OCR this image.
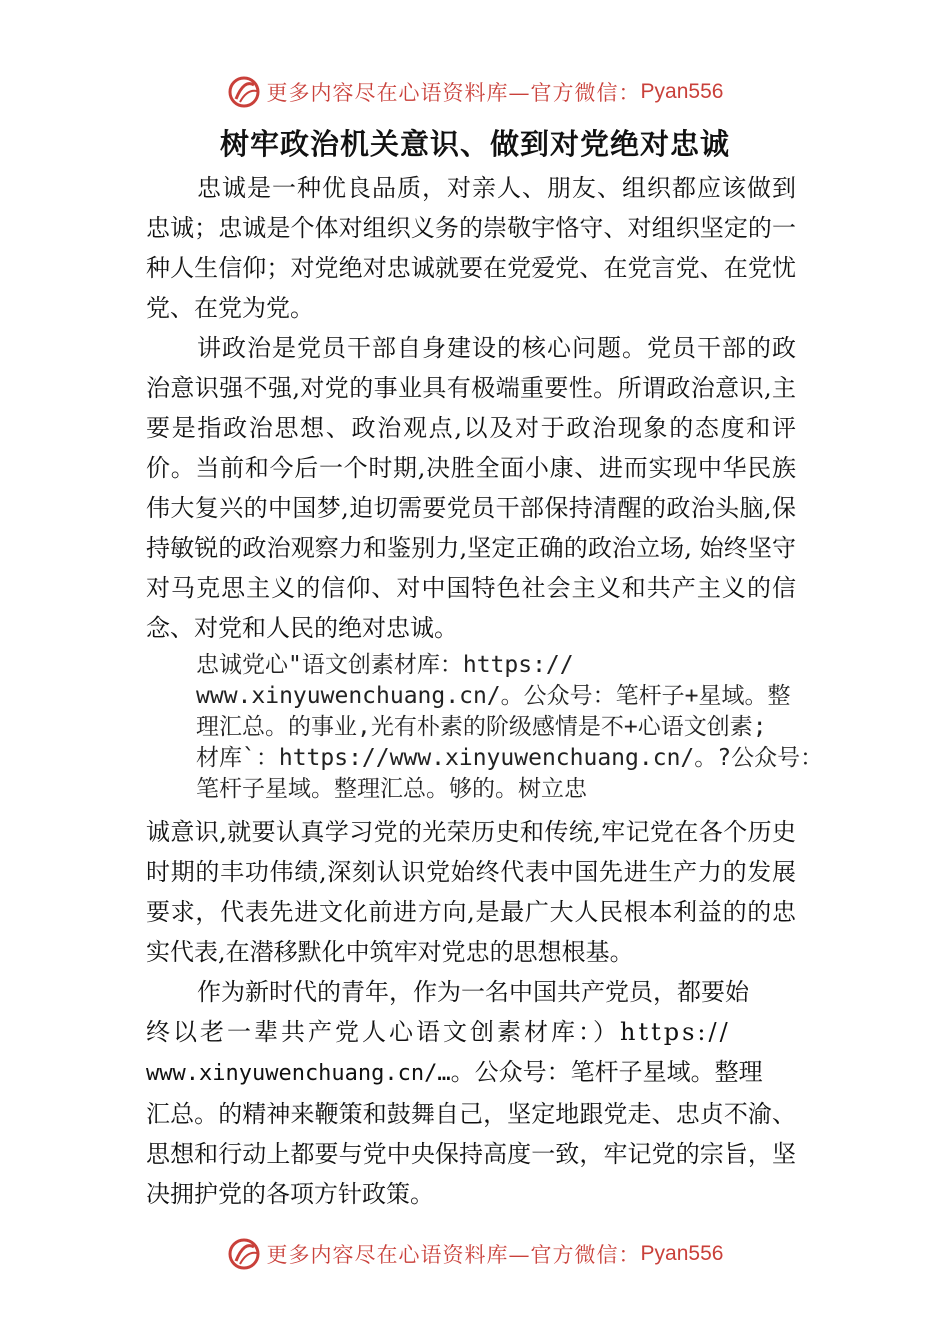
更多内容尽在心语资料库—官方微信： Pyan556
树牢政治机关意识、做到对党绝对忠诚

忠诚是一种优良品质，对亲人、朋友、组织都应该做到忠诚；忠诚是个体对组织义务的崇敬宇恪守、对组织坚定的一种人生信仰；对党绝对忠诚就要在党爱党、在党言党、在党忧党、在党为党。

讲政治是党员干部自身建设的核心问题。党员干部的政治意识强不强,对党的事业具有极端重要性。所谓政治意识,主要是指政治思想、政治观点,以及对于政治现象的态度和评价。当前和今后一个时期,决胜全面小康、进而实现中华民族伟大复兴的中国梦,迫切需要党员干部保持清醒的政治头脑,保持敏锐的政治观察力和鉴别力,坚定正确的政治立场, 始终坚守对马克思主义的信仰、对中国特色社会主义和共产主义的信念、对党和人民的绝对忠诚。

忠诚党心"语文创素材库：https://
www.xinyuwenchuang.cn/。公众号：笔杆子+星域。整
理汇总。的事业,光有朴素的阶级感情是不+心语文创素;
材库`：https://www.xinyuwenchuang.cn/。?公众号：
笔杆子星域。整理汇总。够的。树立忠

诚意识,就要认真学习党的光荣历史和传统,牢记党在各个历史时期的丰功伟绩,深刻认识党始终代表中国先进生产力的发展要求，代表先进文化前进方向,是最广大人民根本利益的的忠实代表,在潜移默化中筑牢对党忠的思想根基。

作为新时代的青年，作为一名中国共产党员，都要始
终以老一辈共产党人心语文创素材库：）https://
www.xinyuwenchuang.cn/…。公众号：笔杆子星域。整理

汇总。的精神来鞭策和鼓舞自己，坚定地跟党走、忠贞不渝、思想和行动上都要与党中央保持高度一致，牢记党的宗旨，坚决拥护党的各项方针政策。

更多内容尽在心语资料库—官方微信： Pyan556
